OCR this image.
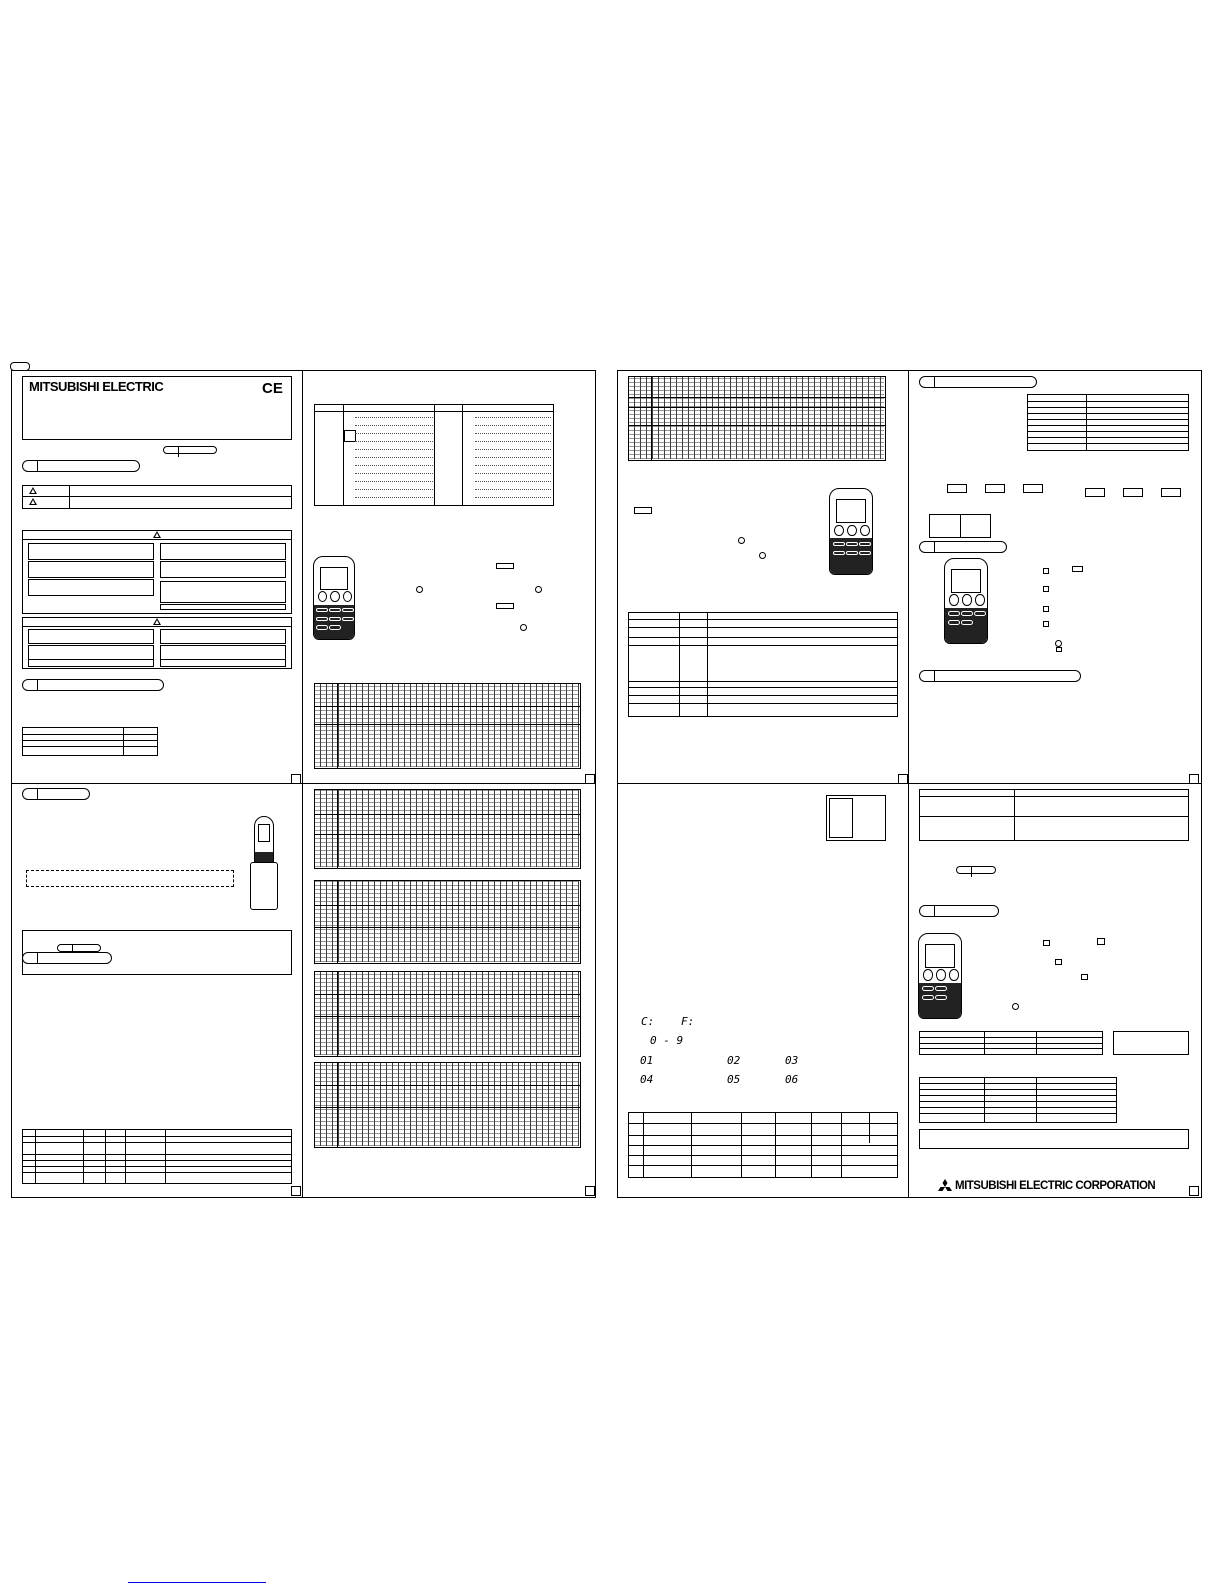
MITSUBISHI ELECTRIC	CE
C: F:
0 - 9
01	02	03
04	05	06
MITSUBISHI ELECTRIC CORPORATION
